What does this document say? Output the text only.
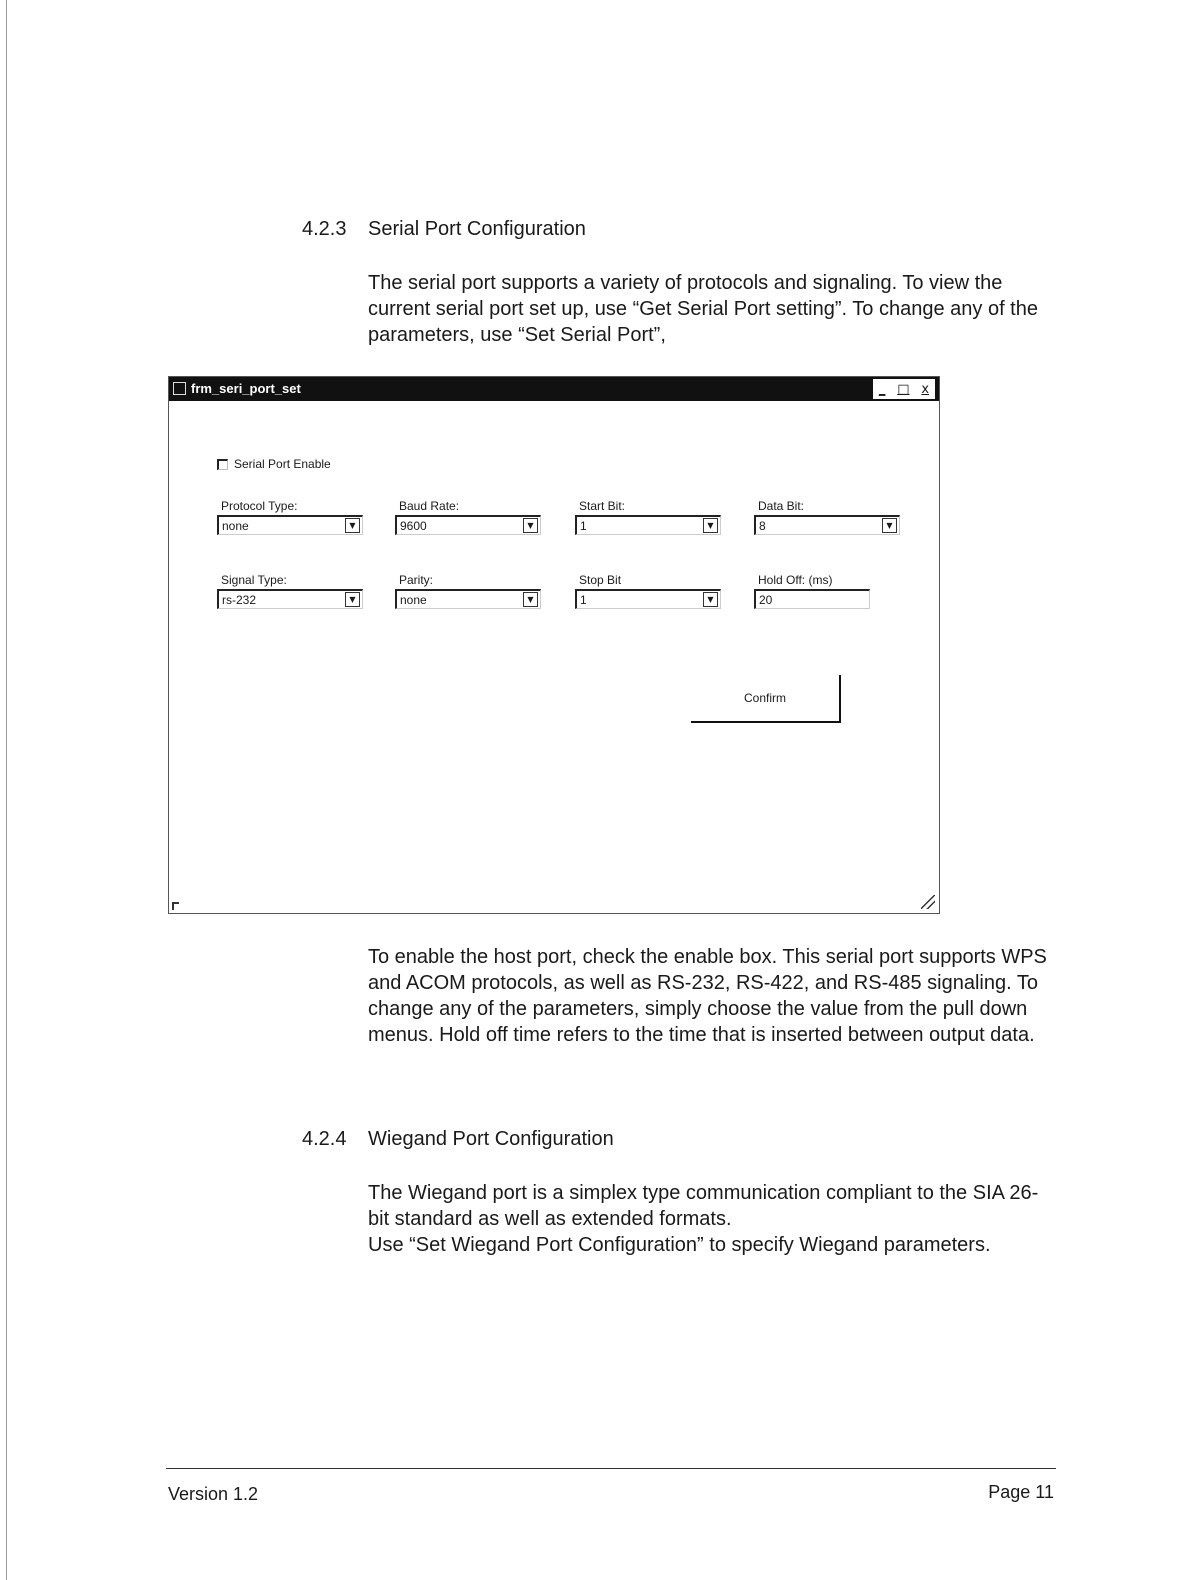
4.2.3 Serial Port Configuration

The serial port supports a variety of protocols and signaling. To view the current serial port set up, use “Get Serial Port setting”. To change any of the parameters, use “Set Serial Port”,

frm_seri_port_set	_ □ x
Serial Port Enable
Protocol Type:
none	▼
Baud Rate:
9600	▼
Start Bit:
1	▼
Data Bit:
8	▼
Signal Type:
rs-232	▼
Parity:
none	▼
Stop Bit
1	▼
Hold Off: (ms)
20
Confirm

To enable the host port, check the enable box. This serial port supports WPS and ACOM protocols, as well as RS-232, RS-422, and RS-485 signaling. To change any of the parameters, simply choose the value from the pull down menus. Hold off time refers to the time that is inserted between output data.

4.2.4 Wiegand Port Configuration

The Wiegand port is a simplex type communication compliant to the SIA 26-bit standard as well as extended formats.

Use “Set Wiegand Port Configuration” to specify Wiegand parameters.

Version 1.2	Page 11
